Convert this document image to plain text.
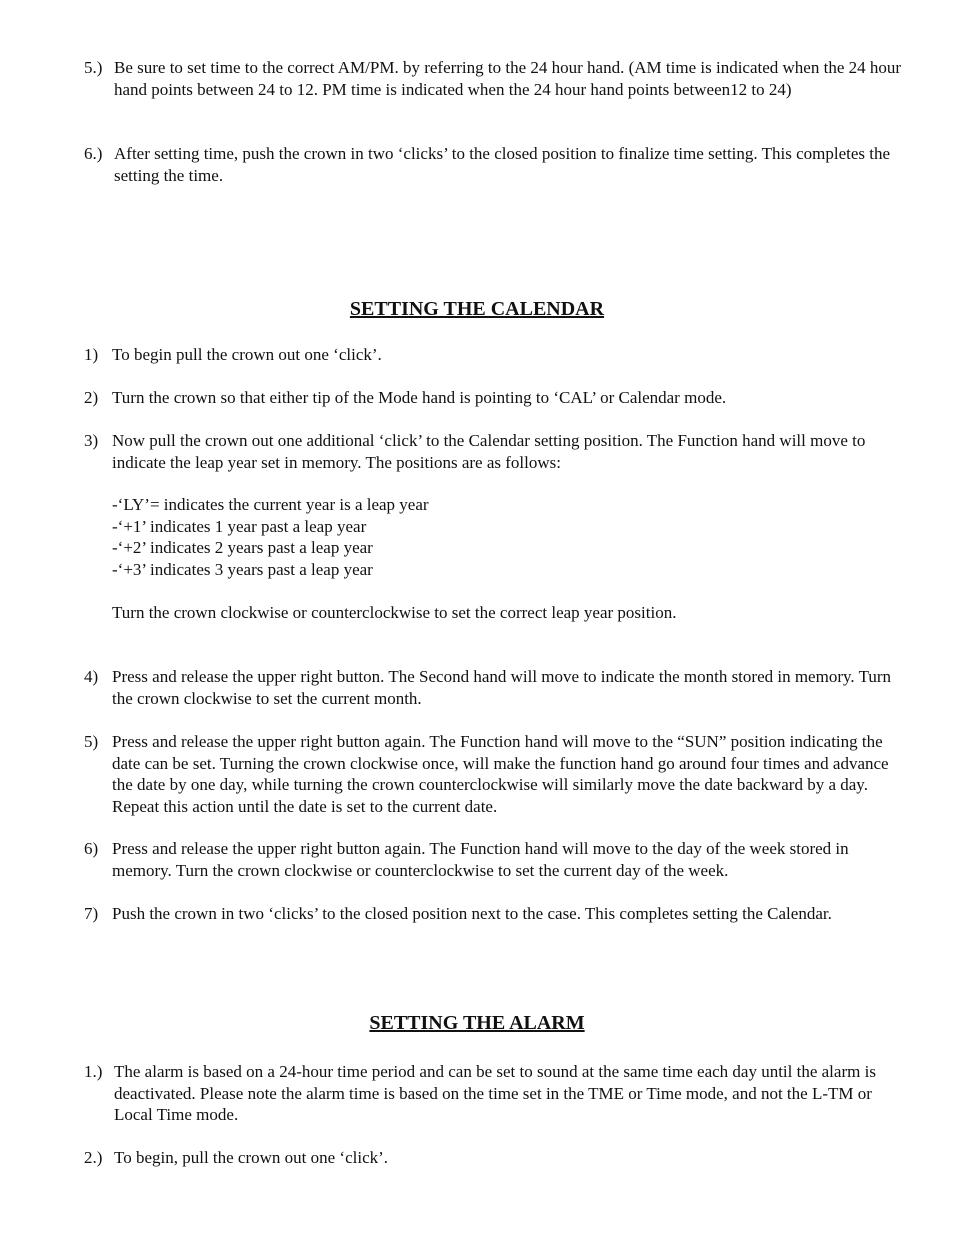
5.) Be sure to set time to the correct AM/PM. by referring to the 24 hour hand. (AM time is indicated when the 24 hour hand points between 24 to 12. PM time is indicated when the 24 hour hand points between12 to 24)
6.) After setting time, push the crown in two ‘clicks’ to the closed position to finalize time setting. This completes the setting the time.
SETTING THE CALENDAR
1) To begin pull the crown out one ‘click’.
2) Turn the crown so that either tip of the Mode hand is pointing to ‘CAL’ or Calendar mode.
3) Now pull the crown out one additional ‘click’ to the Calendar setting position. The Function hand will move to indicate the leap year set in memory. The positions are as follows:
-‘LY’= indicates the current year is a leap year
-‘+1’ indicates 1 year past a leap year
-‘+2’ indicates 2 years past a leap year
-‘+3’ indicates 3 years past a leap year
Turn the crown clockwise or counterclockwise to set the correct leap year position.
4) Press and release the upper right button. The Second hand will move to indicate the month stored in memory. Turn the crown clockwise to set the current month.
5) Press and release the upper right button again. The Function hand will move to the “SUN” position indicating the date can be set. Turning the crown clockwise once, will make the function hand go around four times and advance the date by one day, while turning the crown counterclockwise will similarly move the date backward by a day. Repeat this action until the date is set to the current date.
6) Press and release the upper right button again. The Function hand will move to the day of the week stored in memory. Turn the crown clockwise or counterclockwise to set the current day of the week.
7) Push the crown in two ‘clicks’ to the closed position next to the case. This completes setting the Calendar.
SETTING THE ALARM
1.) The alarm is based on a 24-hour time period and can be set to sound at the same time each day until the alarm is deactivated. Please note the alarm time is based on the time set in the TME or Time mode, and not the L-TM or Local Time mode.
2.) To begin, pull the crown out one ‘click’.
